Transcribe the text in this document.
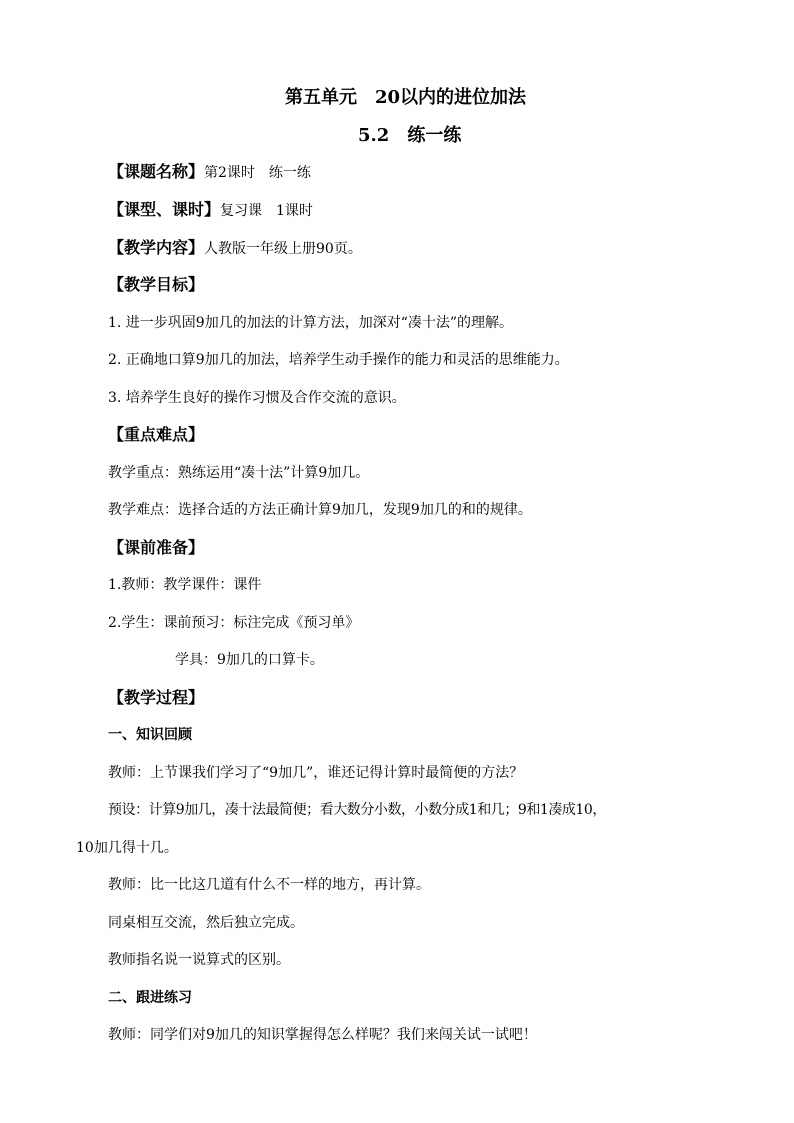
第五单元　20以内的进位加法
5.2　练一练
【课题名称】第2课时　练一练
【课型、课时】复习课　1课时
【教学内容】人教版一年级上册90页。
【教学目标】
1. 进一步巩固9加几的加法的计算方法，加深对“凑十法”的理解。
2. 正确地口算9加几的加法，培养学生动手操作的能力和灵活的思维能力。
3. 培养学生良好的操作习惯及合作交流的意识。
【重点难点】
教学重点：熟练运用“凑十法”计算9加几。
教学难点：选择合适的方法正确计算9加几，发现9加几的和的规律。
【课前准备】
1.教师：教学课件：课件
2.学生：课前预习：标注完成《预习单》
学具：9加几的口算卡。
【教学过程】
一、知识回顾
教师：上节课我们学习了“9加几”，谁还记得计算时最简便的方法？
预设：计算9加几，凑十法最简便；看大数分小数，小数分成1和几；9和1凑成10，
10加几得十几。
教师：比一比这几道有什么不一样的地方，再计算。
同桌相互交流，然后独立完成。
教师指名说一说算式的区别。
二、跟进练习
教师：同学们对9加几的知识掌握得怎么样呢？我们来闯关试一试吧！
